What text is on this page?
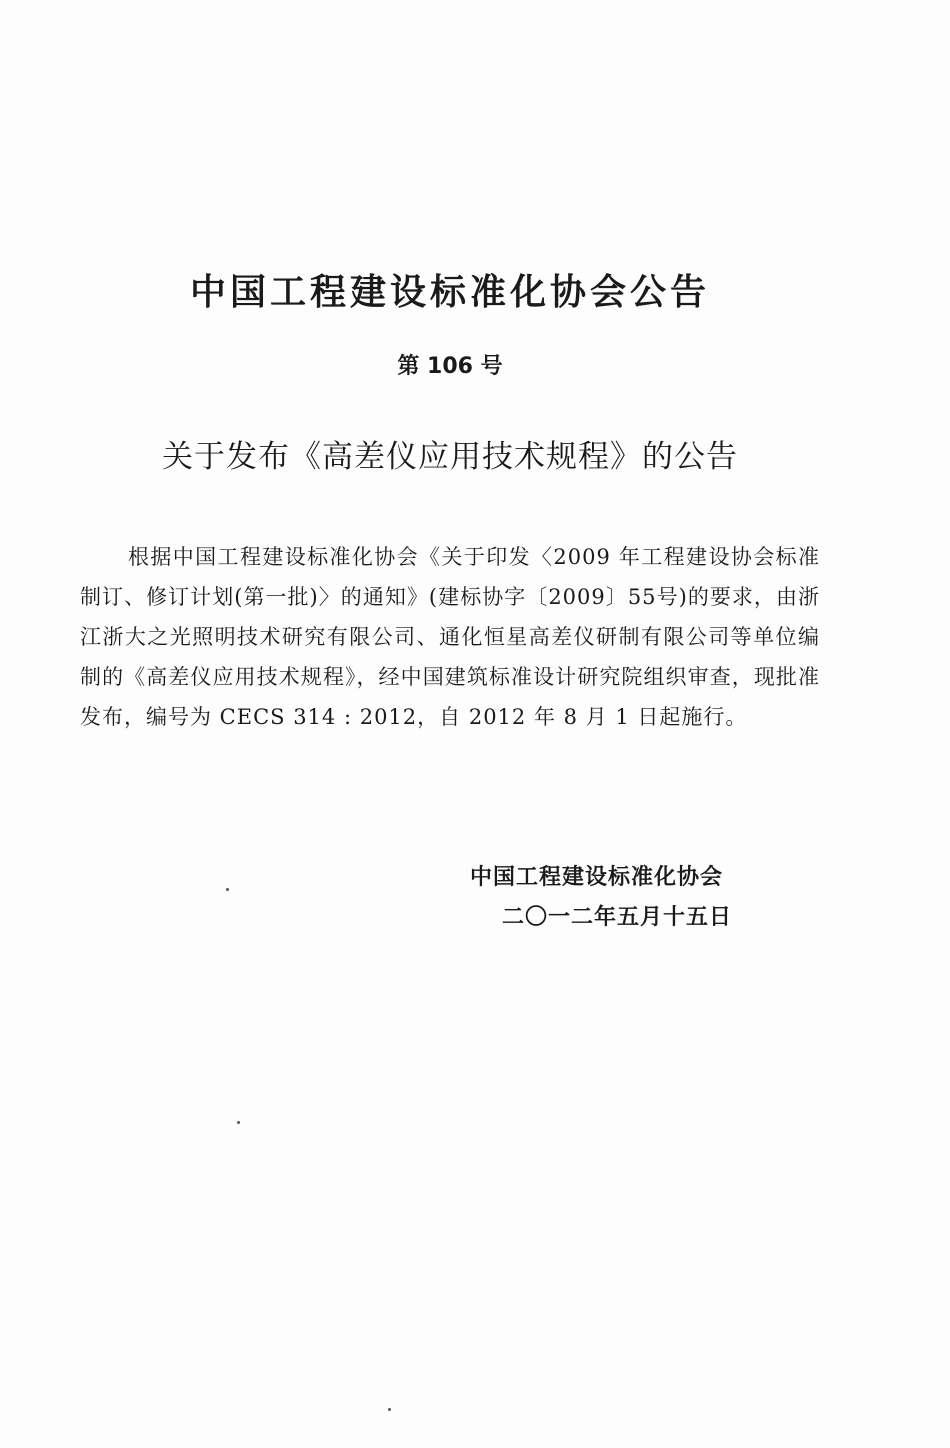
中国工程建设标准化协会公告
第 106 号
关于发布《高差仪应用技术规程》的公告

根据中国工程建设标准化协会《关于印发〈2009 年工程建设协会标准制订、修订计划(第一批)〉的通知》(建标协字〔2009〕55号)的要求，由浙江浙大之光照明技术研究有限公司、通化恒星高差仪研制有限公司等单位编制的《高差仪应用技术规程》，经中国建筑标准设计研究院组织审查，现批准发布，编号为 CECS 314 : 2012，自 2012 年 8 月 1 日起施行。

中国工程建设标准化协会
二〇一二年五月十五日
